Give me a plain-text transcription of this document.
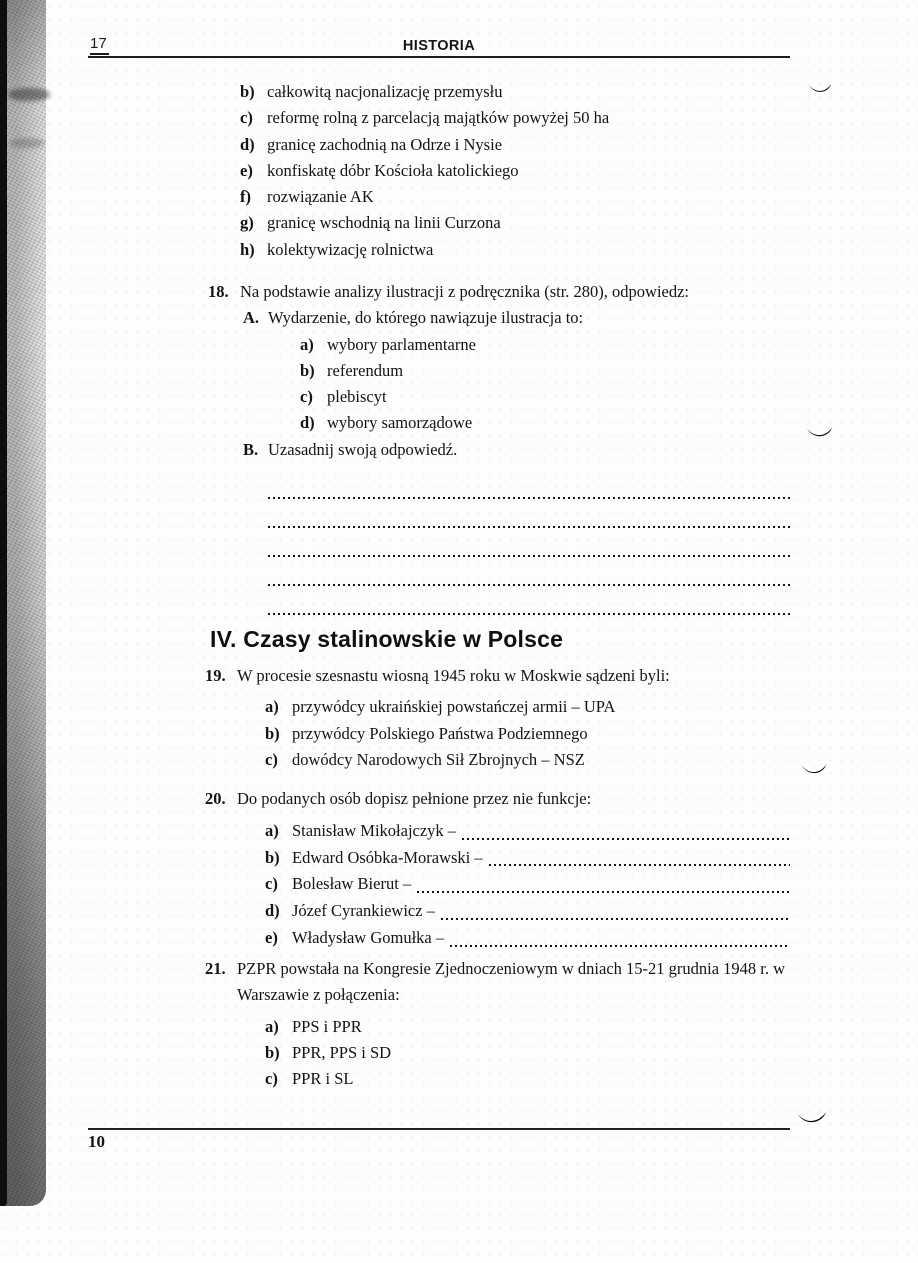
17	HISTORIA
b) całkowitą nacjonalizację przemysłu
c) reformę rolną z parcelacją majątków powyżej 50 ha
d) granicę zachodnią na Odrze i Nysie
e) konfiskatę dóbr Kościoła katolickiego
f) rozwiązanie AK
g) granicę wschodnią na linii Curzona
h) kolektywizację rolnictwa
18. Na podstawie analizy ilustracji z podręcznika (str. 280), odpowiedz:
A. Wydarzenie, do którego nawiązuje ilustracja to:
a) wybory parlamentarne
b) referendum
c) plebiscyt
d) wybory samorządowe
B. Uzasadnij swoją odpowiedź.
IV. Czasy stalinowskie w Polsce
19. W procesie szesnastu wiosną 1945 roku w Moskwie sądzeni byli:
a) przywódcy ukraińskiej powstańczej armii – UPA
b) przywódcy Polskiego Państwa Podziemnego
c) dowódcy Narodowych Sił Zbrojnych – NSZ
20. Do podanych osób dopisz pełnione przez nie funkcje:
a) Stanisław Mikołajczyk –
b) Edward Osóbka-Morawski –
c) Bolesław Bierut –
d) Józef Cyrankiewicz –
e) Władysław Gomułka –
21. PZPR powstała na Kongresie Zjednoczeniowym w dniach 15-21 grudnia 1948 r. w Warszawie z połączenia:
a) PPS i PPR
b) PPR, PPS i SD
c) PPR i SL
10
